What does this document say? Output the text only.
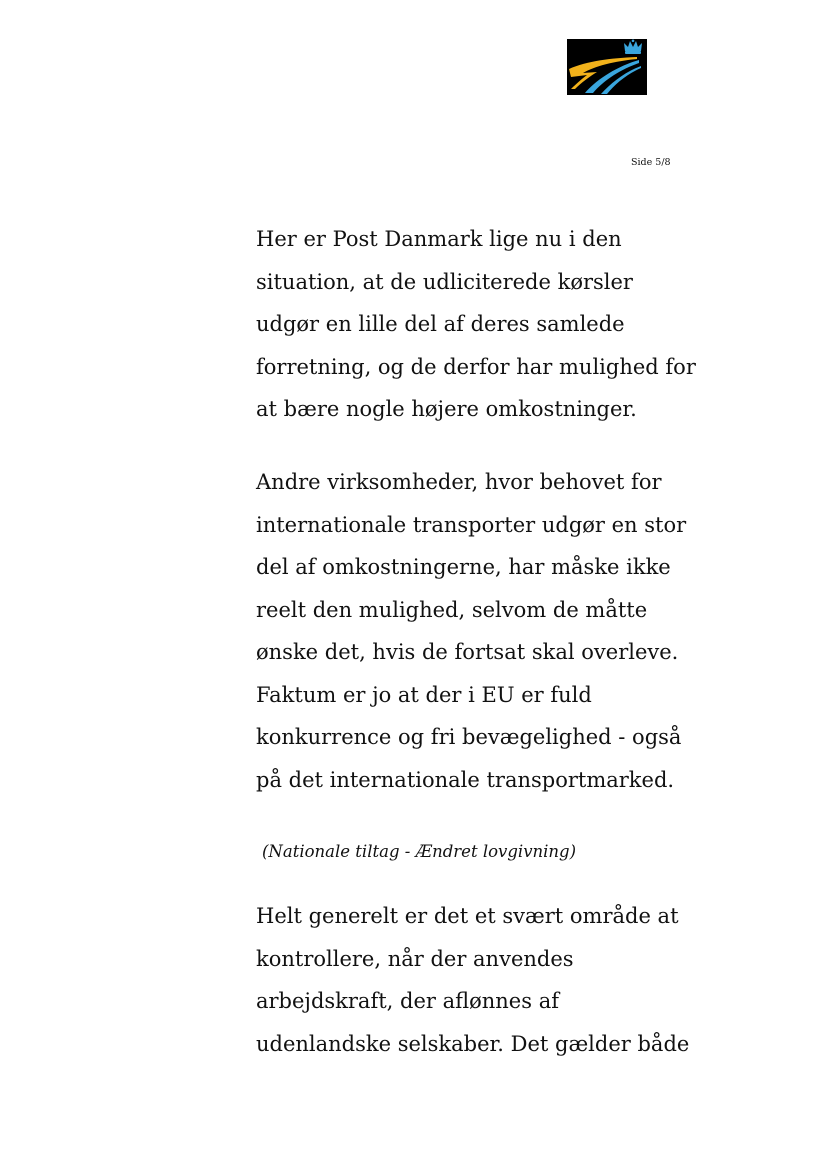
Side 5/8

Her er Post Danmark lige nu i den
situation, at de udliciterede kørsler
udgør en lille del af deres samlede
forretning, og de derfor har mulighed for
at bære nogle højere omkostninger.

Andre virksomheder, hvor behovet for
internationale transporter udgør en stor
del af omkostningerne, har måske ikke
reelt den mulighed, selvom de måtte
ønske det, hvis de fortsat skal overleve.
Faktum er jo at der i EU er fuld
konkurrence og fri bevægelighed - også
på det internationale transportmarked.

(Nationale tiltag - Ændret lovgivning)

Helt generelt er det et svært område at
kontrollere, når der anvendes
arbejdskraft, der aflønnes af
udenlandske selskaber. Det gælder både
